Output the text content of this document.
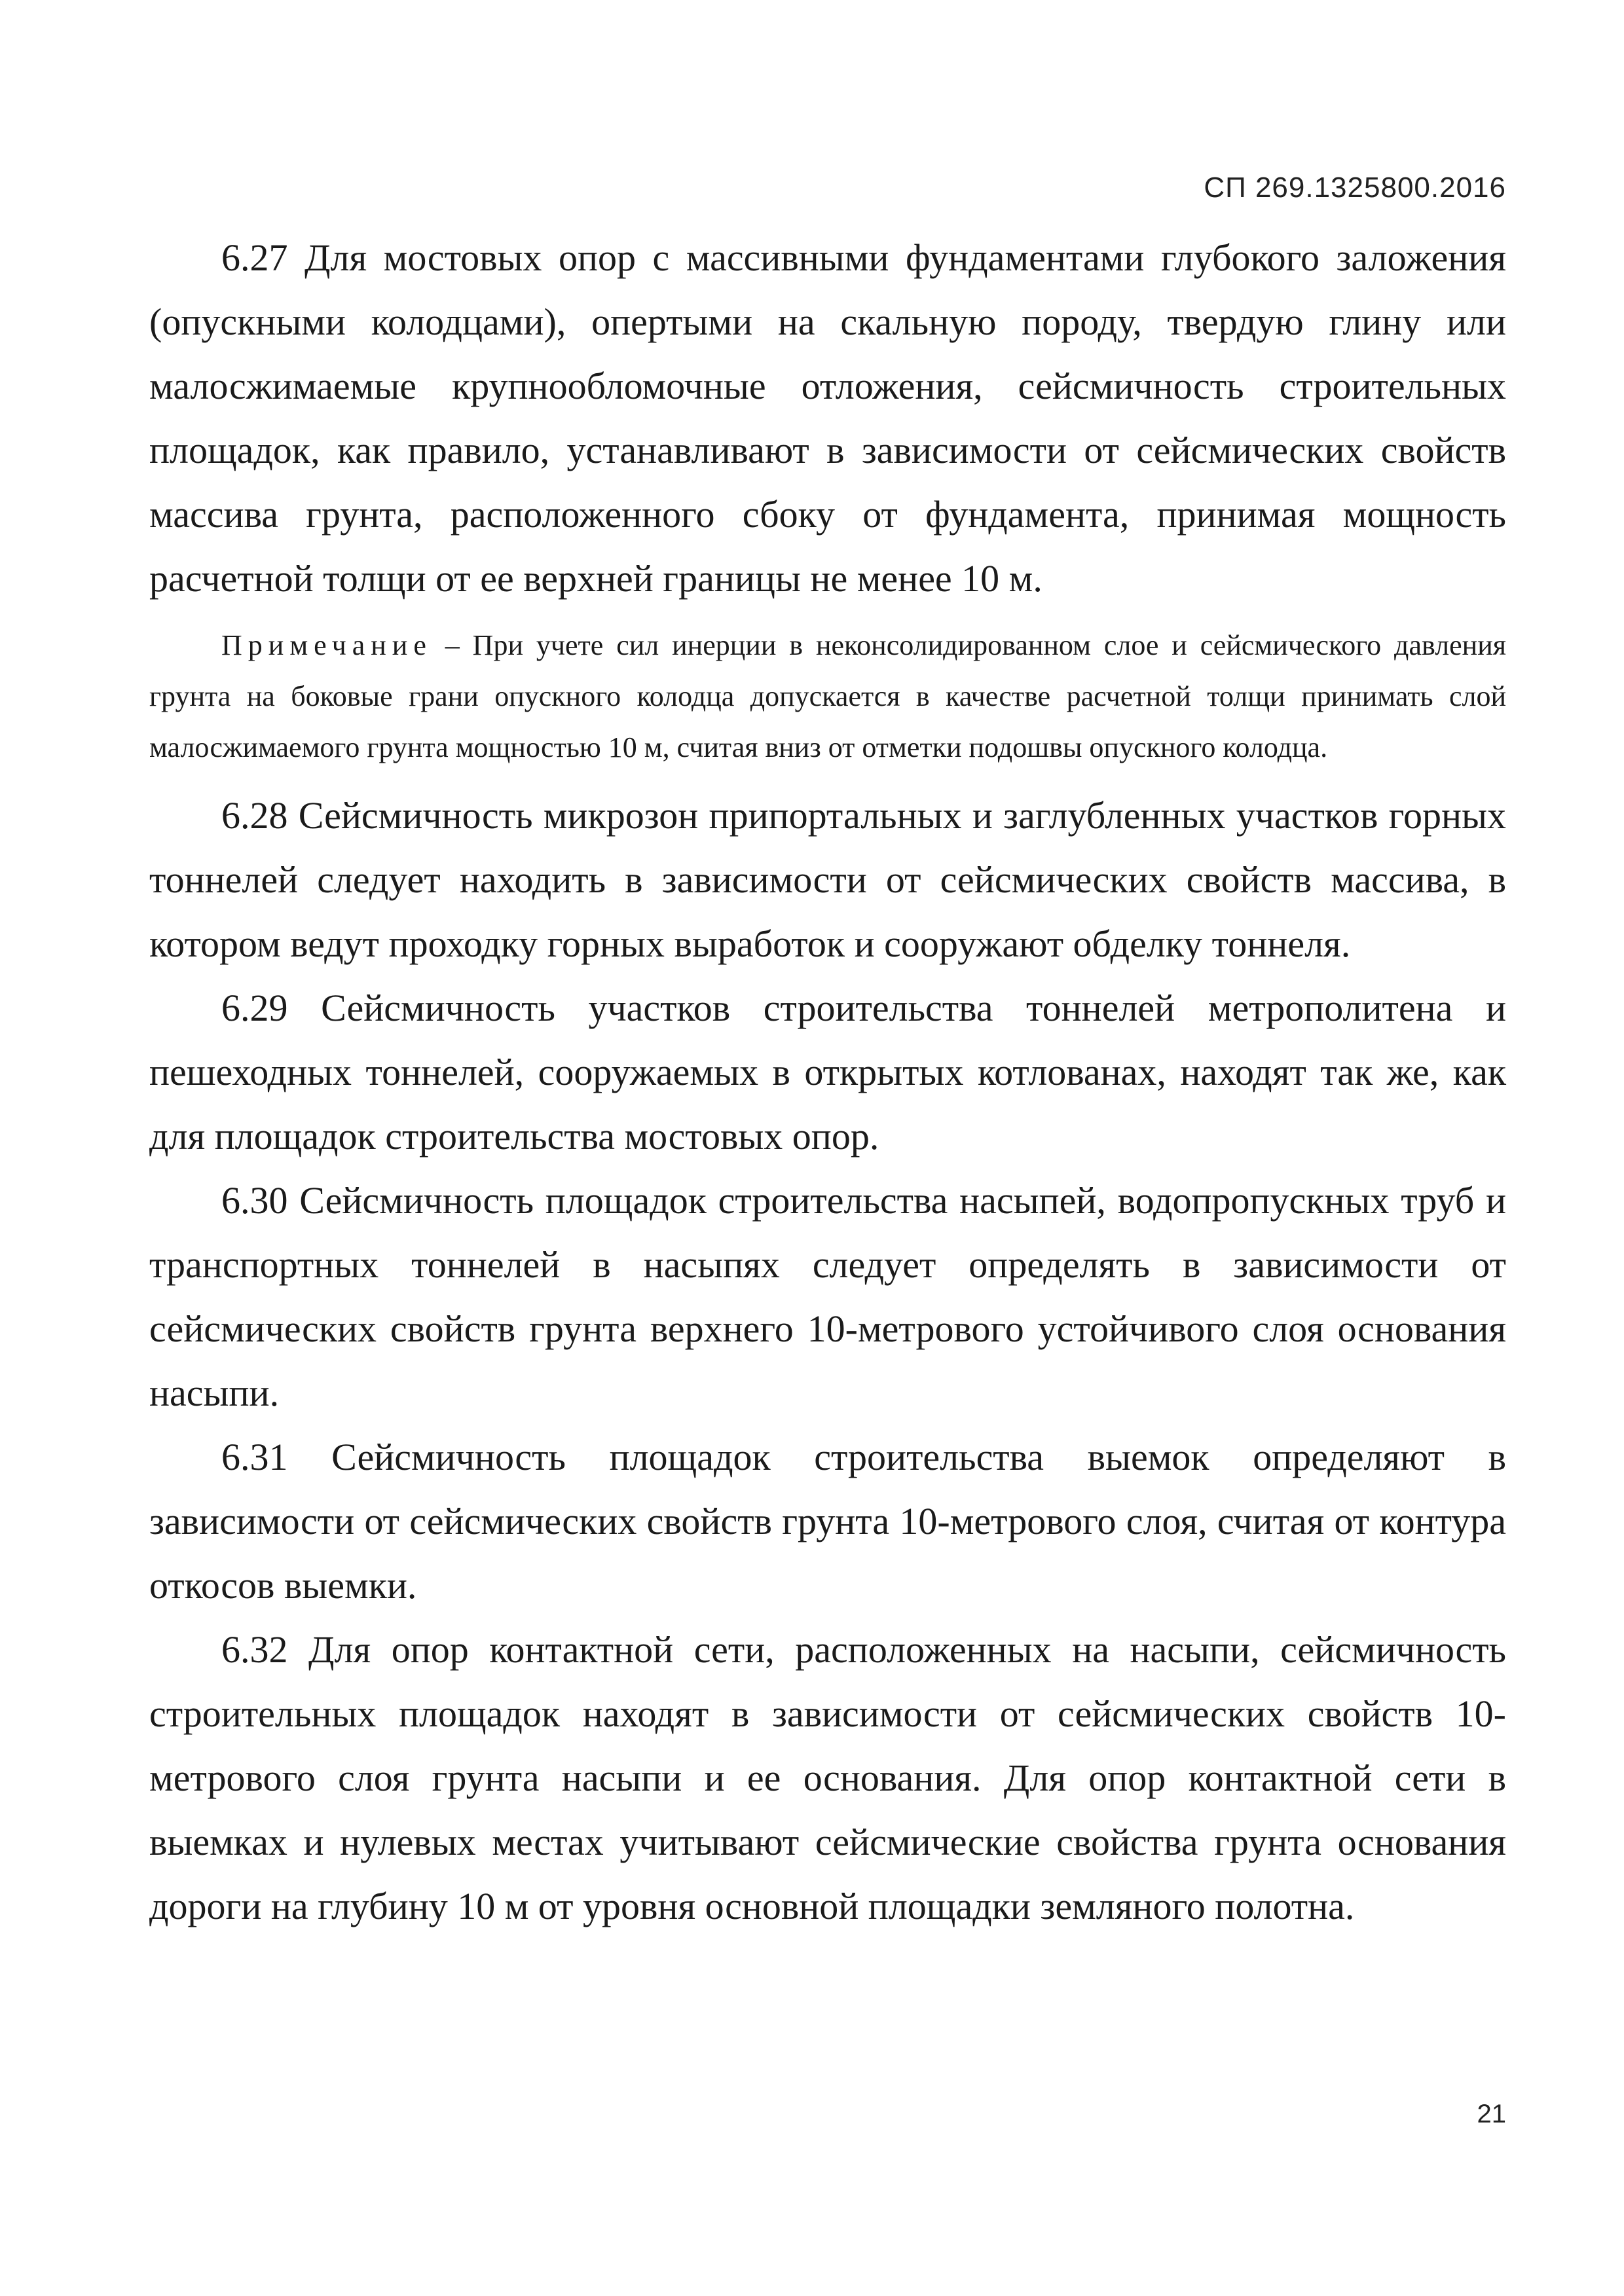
СП 269.1325800.2016

6.27 Для мостовых опор с массивными фундаментами глубокого заложения (опускными колодцами), опертыми на скальную породу, твердую глину или малосжимаемые крупнообломочные отложения, сейсмичность строительных площадок, как правило, устанавливают в зависимости от сейсмических свойств массива грунта, расположенного сбоку от фундамента, принимая мощность расчетной толщи от ее верхней границы не менее 10 м.

Примечание – При учете сил инерции в неконсолидированном слое и сейсмического давления грунта на боковые грани опускного колодца допускается в качестве расчетной толщи принимать слой малосжимаемого грунта мощностью 10 м, считая вниз от отметки подошвы опускного колодца.

6.28 Сейсмичность микрозон припортальных и заглубленных участков горных тоннелей следует находить в зависимости от сейсмических свойств массива, в котором ведут проходку горных выработок и сооружают обделку тоннеля.

6.29 Сейсмичность участков строительства тоннелей метрополитена и пешеходных тоннелей, сооружаемых в открытых котлованах, находят так же, как для площадок строительства мостовых опор.

6.30 Сейсмичность площадок строительства насыпей, водопропускных труб и транспортных тоннелей в насыпях следует определять в зависимости от сейсмических свойств грунта верхнего 10-метрового устойчивого слоя основания насыпи.

6.31 Сейсмичность площадок строительства выемок определяют в зависимости от сейсмических свойств грунта 10-метрового слоя, считая от контура откосов выемки.

6.32 Для опор контактной сети, расположенных на насыпи, сейсмичность строительных площадок находят в зависимости от сейсмических свойств 10-метрового слоя грунта насыпи и ее основания. Для опор контактной сети в выемках и нулевых местах учитывают сейсмические свойства грунта основания дороги на глубину 10 м от уровня основной площадки земляного полотна.

21
